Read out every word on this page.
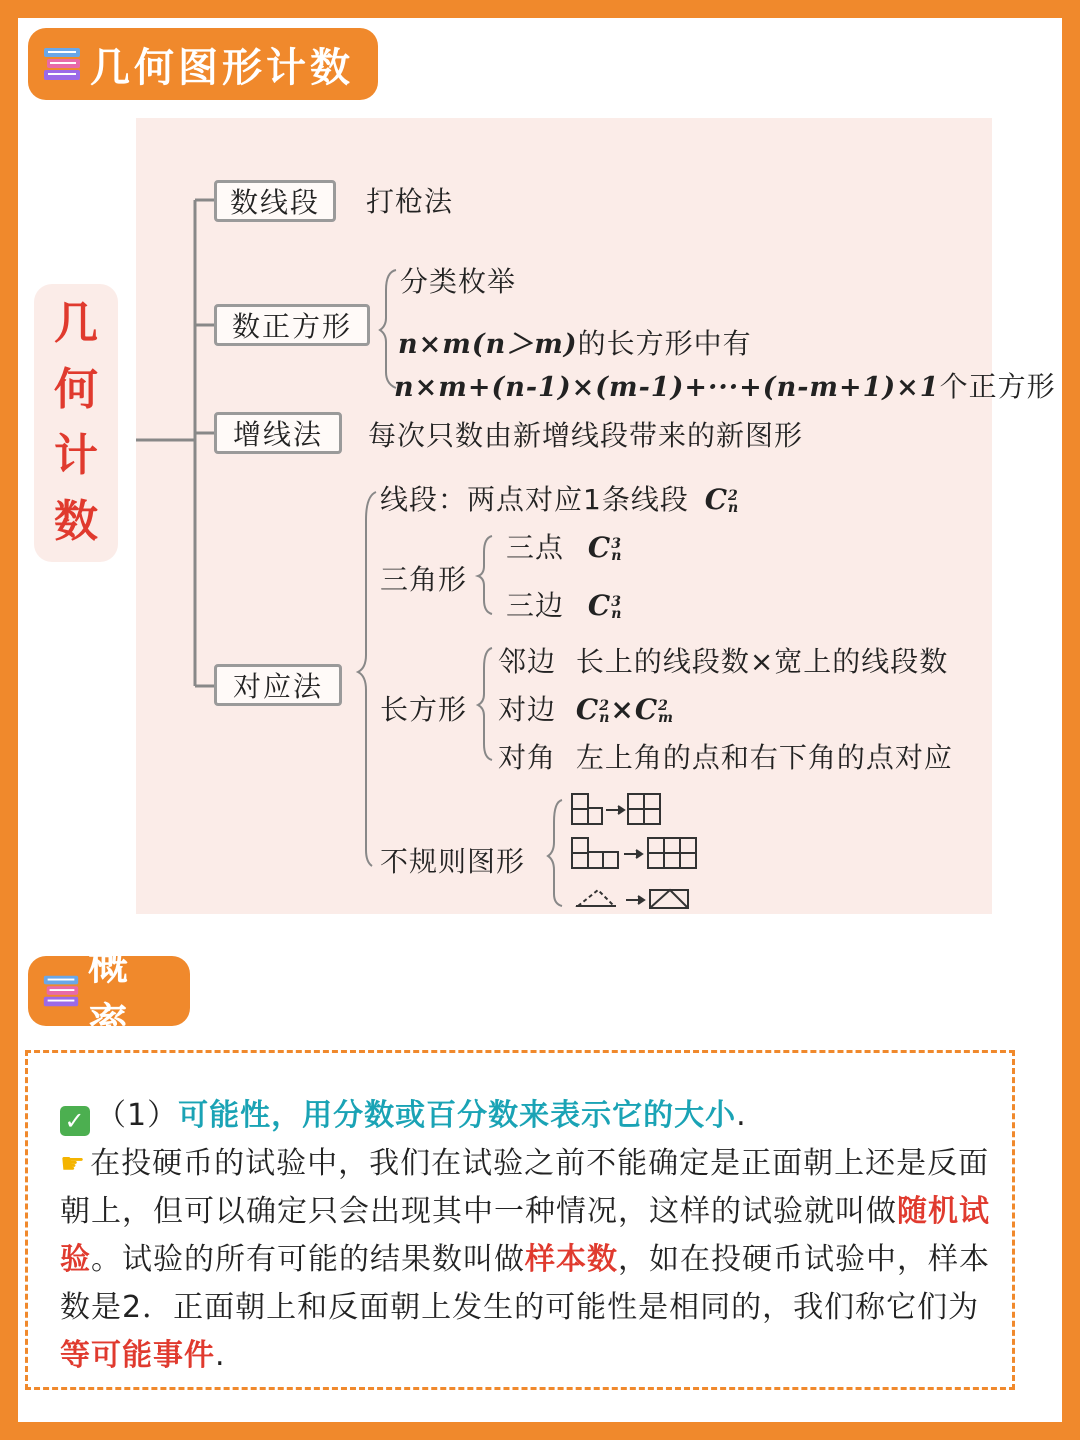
几何图形计数
几
何
计
数
数线段	打枪法
数正方形
分类枚举
n×m(n＞m)的长方形中有
n×m+(n-1)×(m-1)+···+(n-m+1)×1个正方形
增线法	每次只数由新增线段带来的新图形
对应法
线段：两点对应1条线段 C 2
n
三角形
三点 C 3
n
三边 C 3
n
长方形
邻边 长上的线段数×宽上的线段数
对边 C 2
n ×C 2
m
对角 左上角的点和右下角的点对应
不规则图形
概率
✓ （1）可能性，用分数或百分数来表示它的大小.
☛ 在投硬币的试验中，我们在试验之前不能确定是正面朝上还是反面朝上，但可以确定只会出现其中一种情况，这样的试验就叫做随机试验。试验的所有可能的结果数叫做样本数，如在投硬币试验中，样本数是2．正面朝上和反面朝上发生的可能性是相同的，我们称它们为等可能事件.
